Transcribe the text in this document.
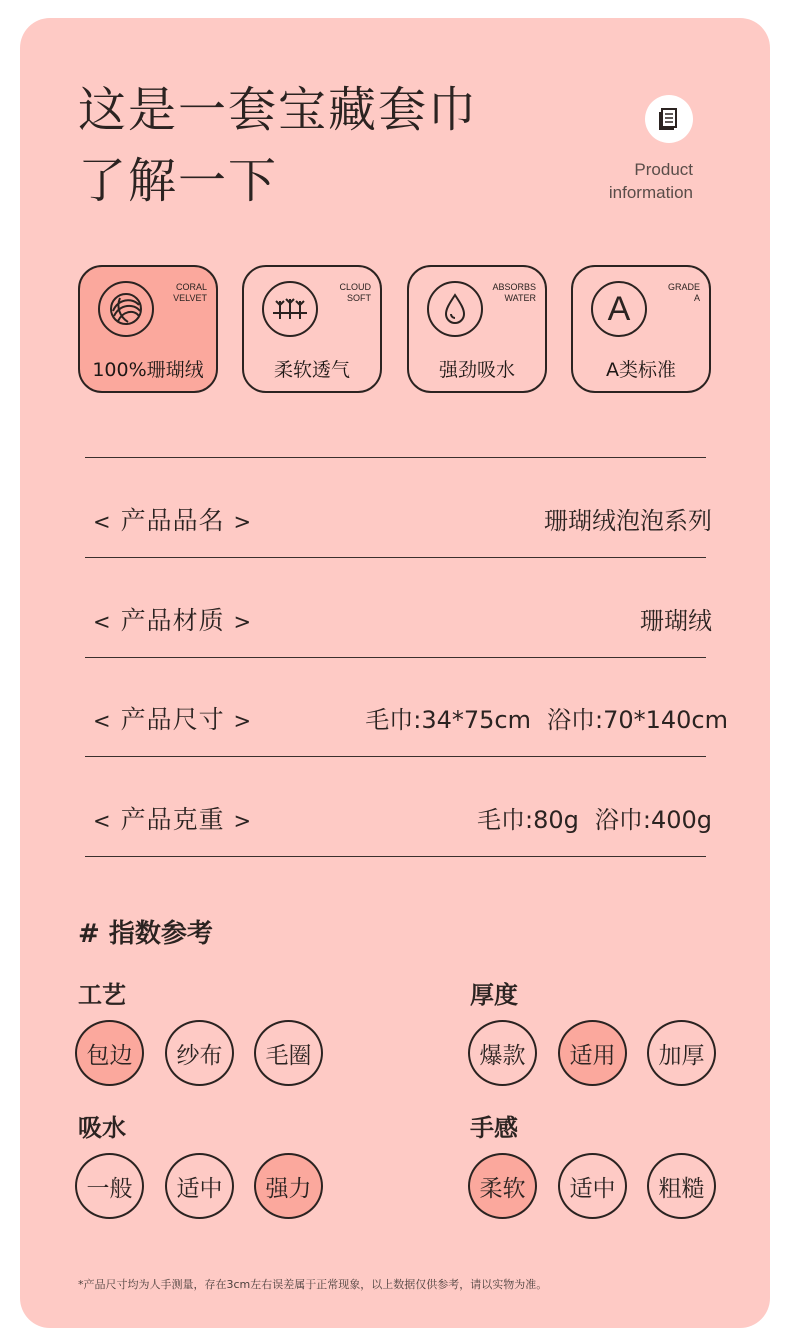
这是一套宝藏套巾
了解一下	Product
information
CORAL
VELVET
100%珊瑚绒
CLOUD
SOFT
柔软透气
ABSORBS
WATER
强劲吸水
A
GRADE
A
A类标准
< 产品品名 >	珊瑚绒泡泡系列
< 产品材质 >	珊瑚绒
< 产品尺寸 >	毛巾:34*75cm 浴巾:70*140cm
< 产品克重 >	毛巾:80g 浴巾:400g
# 指数参考
工艺
包边	纱布	毛圈
厚度
爆款	适用	加厚
吸水
一般	适中	强力
手感
柔软	适中	粗糙
*产品尺寸均为人手测量，存在3cm左右误差属于正常现象，以上数据仅供参考，请以实物为准。
